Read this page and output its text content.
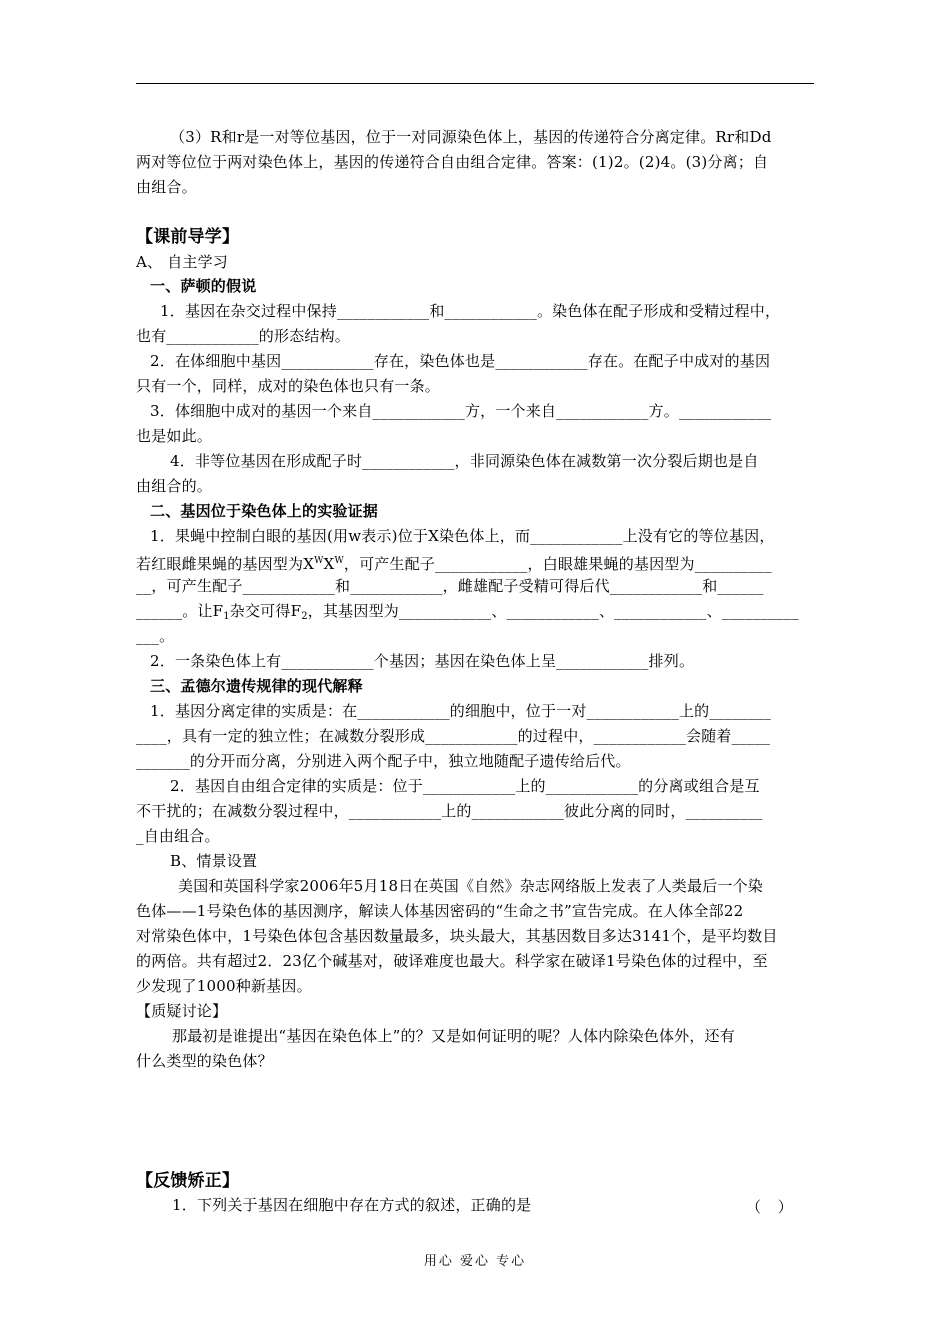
（3）R和r是一对等位基因，位于一对同源染色体上，基因的传递符合分离定律。Rr和Dd
两对等位位于两对染色体上，基因的传递符合自由组合定律。答案：(1)2。(2)4。(3)分离；自
由组合。
【课前导学】
A、 自主学习
一、萨顿的假说
1．基因在杂交过程中保持____________和____________。染色体在配子形成和受精过程中，
也有____________的形态结构。
2．在体细胞中基因____________存在，染色体也是____________存在。在配子中成对的基因
只有一个，同样，成对的染色体也只有一条。
3．体细胞中成对的基因一个来自____________方，一个来自____________方。____________
也是如此。
4．非等位基因在形成配子时____________，非同源染色体在减数第一次分裂后期也是自
由组合的。
二、基因位于染色体上的实验证据
1．果蝇中控制白眼的基因(用w表示)位于X染色体上，而____________上没有它的等位基因，
若红眼雌果蝇的基因型为$X^WX^W$，可产生配子____________，白眼雄果蝇的基因型为__________
__，可产生配子____________和____________，雌雄配子受精可得后代____________和______
______。让$F_1$杂交可得$F_2$，其基因型为____________、____________、____________、__________
___。
2．一条染色体上有____________个基因；基因在染色体上呈____________排列。
三、孟德尔遗传规律的现代解释
1．基因分离定律的实质是：在____________的细胞中，位于一对____________上的________
____，具有一定的独立性；在减数分裂形成____________的过程中，____________会随着_____
_______的分开而分离，分别进入两个配子中，独立地随配子遗传给后代。
2．基因自由组合定律的实质是：位于____________上的____________的分离或组合是互
不干扰的；在减数分裂过程中，____________上的____________彼此分离的同时，__________
_自由组合。
B、情景设置
美国和英国科学家2006年5月18日在英国《自然》杂志网络版上发表了人类最后一个染
色体——1号染色体的基因测序，解读人体基因密码的“生命之书”宣告完成。在人体全部22
对常染色体中，1号染色体包含基因数量最多，块头最大，其基因数目多达3141个，是平均数目
的两倍。共有超过2．23亿个碱基对，破译难度也最大。科学家在破译1号染色体的过程中，至
少发现了1000种新基因。
【质疑讨论】
那最初是谁提出“基因在染色体上”的？又是如何证明的呢？人体内除染色体外，还有
什么类型的染色体？
【反馈矫正】
1．下列关于基因在细胞中存在方式的叙述，正确的是	（ ）
用心 爱心 专心
